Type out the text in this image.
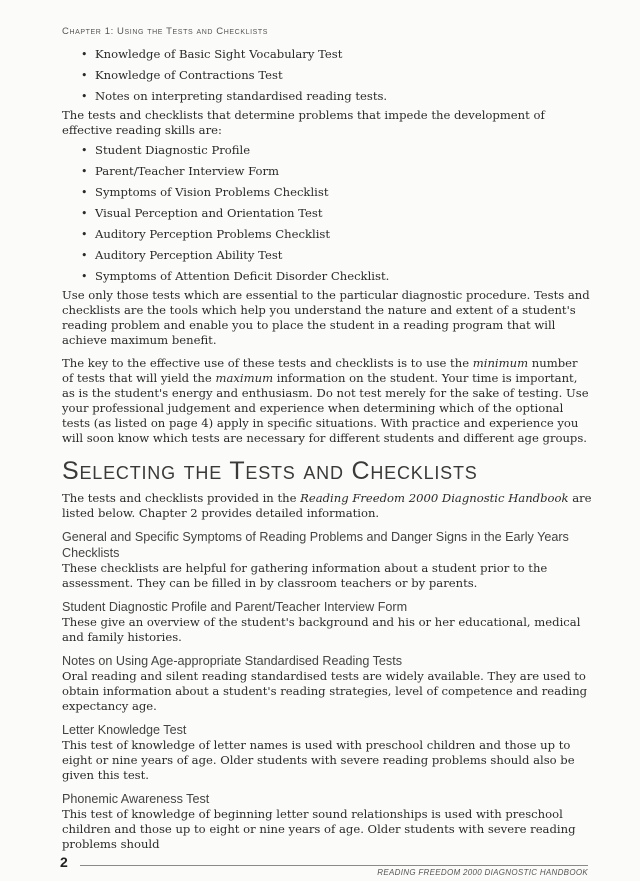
Chapter 1: Using the Tests and Checklists
• Knowledge of Basic Sight Vocabulary Test
• Knowledge of Contractions Test
• Notes on interpreting standardised reading tests.

The tests and checklists that determine problems that impede the development of effective reading skills are:

• Student Diagnostic Profile
• Parent/Teacher Interview Form
• Symptoms of Vision Problems Checklist
• Visual Perception and Orientation Test
• Auditory Perception Problems Checklist
• Auditory Perception Ability Test
• Symptoms of Attention Deficit Disorder Checklist.

Use only those tests which are essential to the particular diagnostic procedure. Tests and checklists are the tools which help you understand the nature and extent of a student's reading problem and enable you to place the student in a reading program that will achieve maximum benefit.

The key to the effective use of these tests and checklists is to use the minimum number of tests that will yield the maximum information on the student. Your time is important, as is the student's energy and enthusiasm. Do not test merely for the sake of testing. Use your professional judgement and experience when determining which of the optional tests (as listed on page 4) apply in specific situations. With practice and experience you will soon know which tests are necessary for different students and different age groups.

Selecting the Tests and Checklists

The tests and checklists provided in the Reading Freedom 2000 Diagnostic Handbook are listed below. Chapter 2 provides detailed information.

General and Specific Symptoms of Reading Problems and Danger Signs in the Early Years Checklists

These checklists are helpful for gathering information about a student prior to the assessment. They can be filled in by classroom teachers or by parents.

Student Diagnostic Profile and Parent/Teacher Interview Form

These give an overview of the student's background and his or her educational, medical and family histories.

Notes on Using Age-appropriate Standardised Reading Tests

Oral reading and silent reading standardised tests are widely available. They are used to obtain information about a student's reading strategies, level of competence and reading expectancy age.

Letter Knowledge Test

This test of knowledge of letter names is used with preschool children and those up to eight or nine years of age. Older students with severe reading problems should also be given this test.

Phonemic Awareness Test

This test of knowledge of beginning letter sound relationships is used with preschool children and those up to eight or nine years of age. Older students with severe reading problems should

2
READING FREEDOM 2000 DIAGNOSTIC HANDBOOK
